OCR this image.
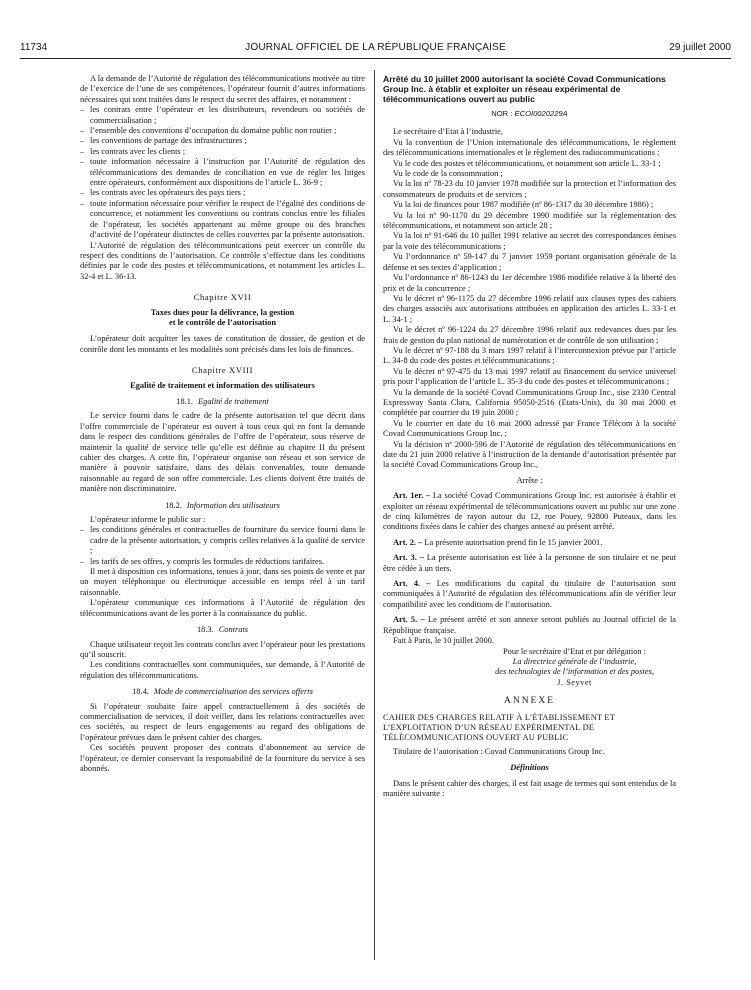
11734	JOURNAL OFFICIEL DE LA RÉPUBLIQUE FRANÇAISE	29 juillet 2000

A la demande de l’Autorité de régulation des télécommunications motivée au titre de l’exercice de l’une de ses compétences, l’opérateur fournit d’autres informations nécessaires qui sont traitées dans le respect du secret des affaires, et notamment :

– les contrats entre l’opérateur et les distributeurs, revendeurs ou sociétés de commercialisation ;
– l’ensemble des conventions d’occupation du domaine public non routier ;
– les conventions de partage des infrastructures ;
– les contrats avec les clients ;
– toute information nécessaire à l’instruction par l’Autorité de régulation des télécommunications des demandes de conciliation en vue de régler les litiges entre opérateurs, conformément aux dispositions de l’article L. 36-9 ;
– les contrats avec les opérateurs des pays tiers ;
– toute information nécessaire pour vérifier le respect de l’égalité des conditions de concurrence, et notamment les conventions ou contrats conclus entre les filiales de l’opérateur, les sociétés appartenant au même groupe ou des branches d’activité de l’opérateur distinctes de celles couvertes par la présente autorisation.

L’Autorité de régulation des télécommunications peut exercer un contrôle du respect des conditions de l’autorisation. Ce contrôle s’effectue dans les conditions définies par le code des postes et télécommunications, et notamment les articles L. 32-4 et L. 36-13.

Chapitre XVII
Taxes dues pour la délivrance, la gestion
et le contrôle de l’autorisation

L’opérateur doit acquitter les taxes de constitution de dossier, de gestion et de contrôle dont les montants et les modalités sont précisés dans les lois de finances.

Chapitre XVIII
Egalité de traitement et information des utilisateurs
18.1. Egalité de traitement

Le service fourni dans le cadre de la présente autorisation tel que décrit dans l’offre commerciale de l’opérateur est ouvert à tous ceux qui en font la demande dans le respect des conditions générales de l’offre de l’opérateur, sous réserve de maintenir la qualité de service telle qu’elle est définie au chapitre II du présent cahier des charges. A cette fin, l’opérateur organise son réseau et son service de manière à pouvoir satisfaire, dans des délais convenables, toute demande raisonnable au regard de son offre commerciale. Les clients doivent être traités de manière non discriminatoire.

18.2. Information des utilisateurs

L’opérateur informe le public sur :

– les conditions générales et contractuelles de fourniture du service fourni dans le cadre de la présente autorisation, y compris celles relatives à la qualité de service ;
– les tarifs de ses offres, y compris les formules de réductions tarifaires.

Il met à disposition ces informations, tenues à jour, dans ses points de vente et par un moyen téléphonique ou électronique accessible en temps réel à un tarif raisonnable.

L’opérateur communique ces informations à l’Autorité de régulation des télécommunications avant de les porter à la connaissance du public.

18.3. Contrats

Chaque utilisateur reçoit les contrats conclus avec l’opérateur pour les prestations qu’il souscrit.

Les conditions contractuelles sont communiquées, sur demande, à l’Autorité de régulation des télécommunications.

18.4. Mode de commercialisation des services offerts

Si l’opérateur souhaite faire appel contractuellement à des sociétés de commercialisation de services, il doit veiller, dans les relations contractuelles avec ces sociétés, au respect de leurs engagements au regard des obligations de l’opérateur prévues dans le présent cahier des charges.

Ces sociétés peuvent proposer des contrats d’abonnement au service de l’opérateur, ce dernier conservant la responsabilité de la fourniture du service à ses abonnés.

Arrêté du 10 juillet 2000 autorisant la société Covad Communications Group Inc. à établir et exploiter un réseau expérimental de télécommunications ouvert au public

NOR : ECOI0020229A

Le secrétaire d’Etat à l’industrie,

Vu la convention de l’Union internationale des télécommunications, le règlement des télécommunications internationales et le règlement des radiocommunications ;

Vu le code des postes et télécommunications, et notamment son article L. 33-1 ;

Vu le code de la consommation ;

Vu la loi nº 78-23 du 10 janvier 1978 modifiée sur la protection et l’information des consommateurs de produits et de services ;

Vu la loi de finances pour 1987 modifiée (nº 86-1317 du 30 décembre 1986) ;

Vu la loi nº 90-1170 du 29 décembre 1990 modifiée sur la réglementation des télécommunications, et notamment son article 28 ;

Vu la loi nº 91-646 du 10 juillet 1991 relative au secret des correspondances émises par la voie des télécommunications ;

Vu l’ordonnance nº 59-147 du 7 janvier 1959 portant organisation générale de la défense et ses textes d’application ;

Vu l’ordonnance nº 86-1243 du 1er décembre 1986 modifiée relative à la liberté des prix et de la concurrence ;

Vu le décret nº 96-1175 du 27 décembre 1996 relatif aux clauses types des cahiers des charges associés aux autorisations attribuées en application des articles L. 33-1 et L. 34-1 ;

Vu le décret nº 96-1224 du 27 décembre 1996 relatif aux redevances dues par les frais de gestion du plan national de numérotation et de contrôle de son utilisation ;

Vu le décret nº 97-188 du 3 mars 1997 relatif à l’interconnexion prévue par l’article L. 34-8 du code des postes et télécommunications ;

Vu le décret nº 97-475 du 13 mai 1997 relatif au financement du service universel pris pour l’application de l’article L. 35-3 du code des postes et télécommunications ;

Vu la demande de la société Covad Communications Group Inc., sise 2330 Central Expressway Santa Clara, California 95050-2516 (Etats-Unis), du 30 mai 2000 et complétée par courrier du 19 juin 2000 ;

Vu le courrier en date du 16 mai 2000 adressé par France Télécom à la société Covad Communications Group Inc. ;

Vu la décision nº 2000-596 de l’Autorité de régulation des télécommunications en date du 21 juin 2000 relative à l’instruction de la demande d’autorisation présentée par la société Covad Communications Group Inc.,

Arrête :

Art. 1er. – La société Covad Communications Group Inc. est autorisée à établir et exploiter un réseau expérimental de télécommunications ouvert au public sur une zone de cinq kilomètres de rayon autour du 12, rue Pouey, 92800 Puteaux, dans les conditions fixées dans le cahier des charges annexé au présent arrêté.

Art. 2. – La présente autorisation prend fin le 15 janvier 2001.

Art. 3. – La présente autorisation est liée à la personne de son titulaire et ne peut être cédée à un tiers.

Art. 4. – Les modifications du capital du titulaire de l’autorisation sont communiquées à l’Autorité de régulation des télécommunications afin de vérifier leur compatibilité avec les conditions de l’autorisation.

Art. 5. – Le présent arrêté et son annexe seront publiés au Journal officiel de la République française.

Fait à Paris, le 10 juillet 2000.

Pour le secrétaire d’Etat et par délégation :
La directrice générale de l’industrie,
des technologies de l’information et des postes,
J. Seyvet
ANNEXE

CAHIER DES CHARGES RELATIF À L’ÉTABLISSEMENT ET L’EXPLOITATION D’UN RÉSEAU EXPÉRIMENTAL DE TÉLÉCOMMUNICATIONS OUVERT AU PUBLIC

Titulaire de l’autorisation : Covad Communications Group Inc.

Définitions

Dans le présent cahier des charges, il est fait usage de termes qui sont entendus de la manière suivante :
